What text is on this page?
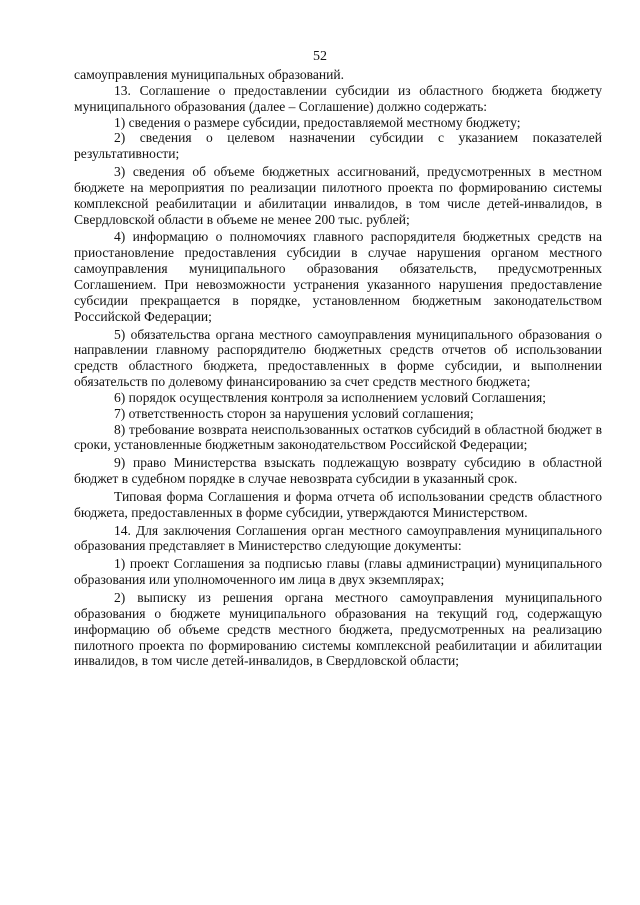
52

самоуправления муниципальных образований.

13. Соглашение о предоставлении субсидии из областного бюджета бюджету муниципального образования (далее – Соглашение) должно содержать:

1) сведения о размере субсидии, предоставляемой местному бюджету;

2) сведения о целевом назначении субсидии с указанием показателей результативности;

3) сведения об объеме бюджетных ассигнований, предусмотренных в местном бюджете на мероприятия по реализации пилотного проекта по формированию системы комплексной реабилитации и абилитации инвалидов, в том числе детей-инвалидов, в Свердловской области в объеме не менее 200 тыс. рублей;

4) информацию о полномочиях главного распорядителя бюджетных средств на приостановление предоставления субсидии в случае нарушения органом местного самоуправления муниципального образования обязательств, предусмотренных Соглашением. При невозможности устранения указанного нарушения предоставление субсидии прекращается в порядке, установленном бюджетным законодательством Российской Федерации;

5) обязательства органа местного самоуправления муниципального образования о направлении главному распорядителю бюджетных средств отчетов об использовании средств областного бюджета, предоставленных в форме субсидии, и выполнении обязательств по долевому финансированию за счет средств местного бюджета;

6) порядок осуществления контроля за исполнением условий Соглашения;

7) ответственность сторон за нарушения условий соглашения;

8) требование возврата неиспользованных остатков субсидий в областной бюджет в сроки, установленные бюджетным законодательством Российской Федерации;

9) право Министерства взыскать подлежащую возврату субсидию в областной бюджет в судебном порядке в случае невозврата субсидии в указанный срок.

Типовая форма Соглашения и форма отчета об использовании средств областного бюджета, предоставленных в форме субсидии, утверждаются Министерством.

14. Для заключения Соглашения орган местного самоуправления муниципального образования представляет в Министерство следующие документы:

1) проект Соглашения за подписью главы (главы администрации) муниципального образования или уполномоченного им лица в двух экземплярах;

2) выписку из решения органа местного самоуправления муниципального образования о бюджете муниципального образования на текущий год, содержащую информацию об объеме средств местного бюджета, предусмотренных на реализацию пилотного проекта по формированию системы комплексной реабилитации и абилитации инвалидов, в том числе детей-инвалидов, в Свердловской области;
